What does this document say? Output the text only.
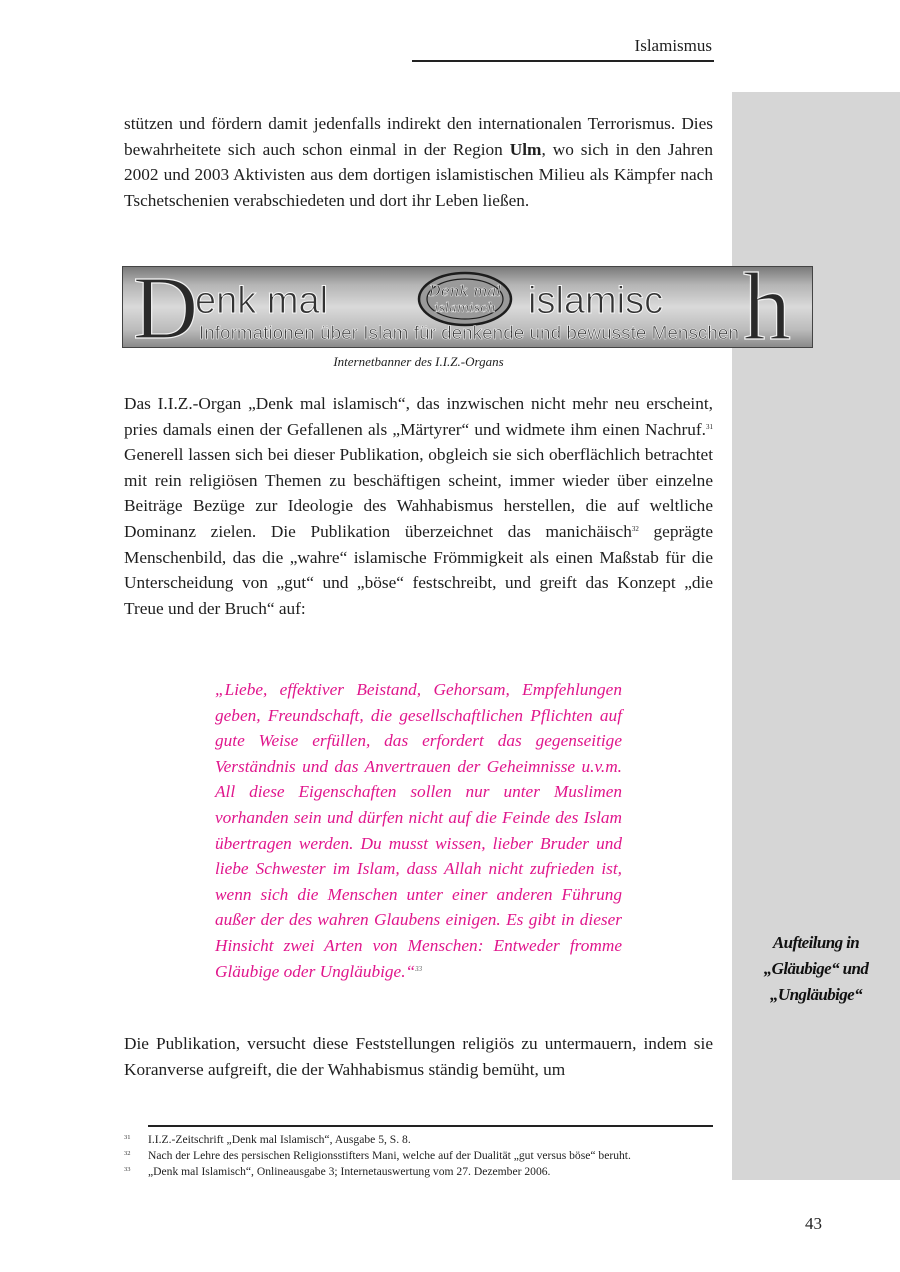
Islamismus

stützen und fördern damit jedenfalls indirekt den internationalen Terrorismus. Dies bewahrheitete sich auch schon einmal in der Region Ulm, wo sich in den Jahren 2002 und 2003 Aktivisten aus dem dortigen islamistischen Milieu als Kämpfer nach Tschetschenien verabschiedeten und dort ihr Leben ließen.

D
enk mal	Denk mal
islamisch islamisc
Informationen über Islam für denkende und bewusste Menschen h
Internetbanner des I.I.Z.-Organs

Das I.I.Z.-Organ „Denk mal islamisch“, das inzwischen nicht mehr neu erscheint, pries damals einen der Gefallenen als „Märtyrer“ und widmete ihm einen Nachruf.$^{31}$ Generell lassen sich bei dieser Publikation, obgleich sie sich oberflächlich betrachtet mit rein religiösen Themen zu beschäftigen scheint, immer wieder über einzelne Beiträge Bezüge zur Ideologie des Wahhabismus herstellen, die auf weltliche Dominanz zielen. Die Publikation überzeichnet das manichäisch$^{32}$ geprägte Menschenbild, das die „wahre“ islamische Frömmigkeit als einen Maßstab für die Unterscheidung von „gut“ und „böse“ festschreibt, und greift das Konzept „die Treue und der Bruch“ auf:

„Liebe, effektiver Beistand, Gehorsam, Empfehlungen geben, Freundschaft, die gesellschaftlichen Pflichten auf gute Weise erfüllen, das erfordert das gegenseitige Verständnis und das Anvertrauen der Geheimnisse u.v.m. All diese Eigenschaften sollen nur unter Muslimen vorhanden sein und dürfen nicht auf die Feinde des Islam übertragen werden. Du musst wissen, lieber Bruder und liebe Schwester im Islam, dass Allah nicht zufrieden ist, wenn sich die Menschen unter einer anderen Führung außer der des wahren Glaubens einigen. Es gibt in dieser Hinsicht zwei Arten von Menschen: Entweder fromme Gläubige oder Ungläubige.“$^{33}$

Aufteilung in
„Gläubige“ und
„Ungläubige“

Die Publikation, versucht diese Feststellungen religiös zu untermauern, indem sie Koranverse aufgreift, die der Wahhabismus ständig bemüht, um

31	I.I.Z.-Zeitschrift „Denk mal Islamisch“, Ausgabe 5, S. 8.
32	Nach der Lehre des persischen Religionsstifters Mani, welche auf der Dualität „gut versus böse“ beruht.
33	„Denk mal Islamisch“, Onlineausgabe 3; Internetauswertung vom 27. Dezember 2006.
43
